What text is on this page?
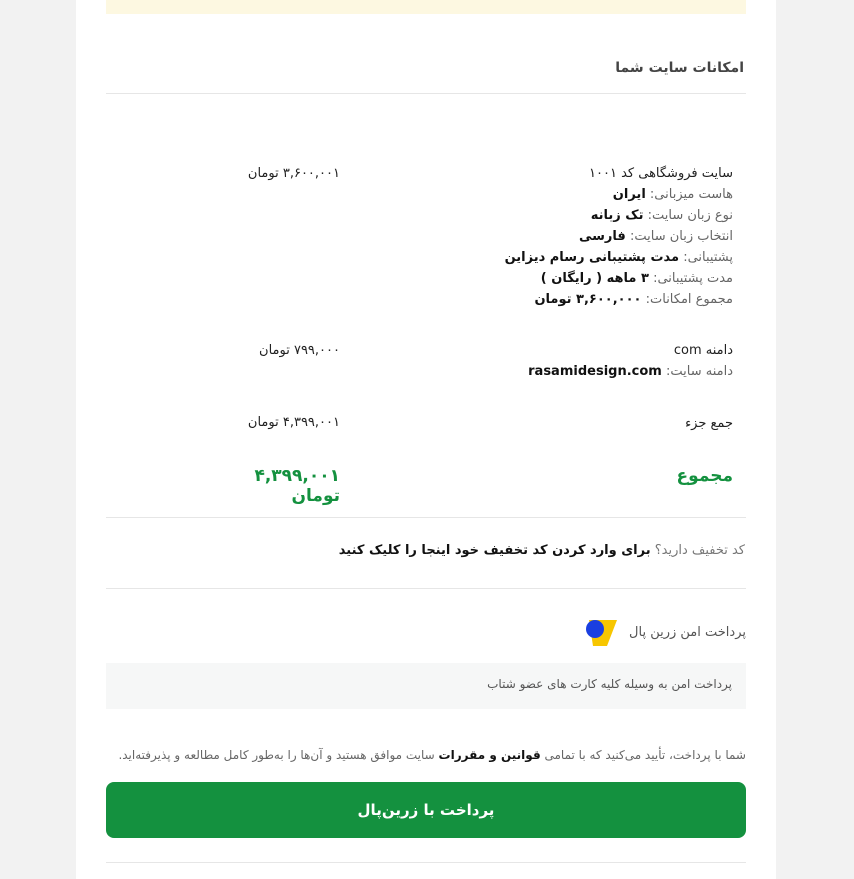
امکانات سایت شما
سایت فروشگاهی کد ۱۰۰۱
۳,۶۰۰,۰۰۱ تومان
هاست میزبانی: ایران
نوع زبان سایت: تک زبانه
انتخاب زبان سایت: فارسی
پشتیبانی: مدت پشتیبانی رسام دیزاین
مدت پشتیبانی: ۳ ماهه ( رایگان )
مجموع امکانات: ۳,۶۰۰,۰۰۰ تومان
دامنه com
۷۹۹,۰۰۰ تومان
دامنه سایت: rasamidesign.com
جمع جزء
۴,۳۹۹,۰۰۱ تومان
مجموع
۴,۳۹۹,۰۰۱ تومان
کد تخفیف دارید؟ برای وارد کردن کد تخفیف خود اینجا را کلیک کنید
پرداخت امن زرین پال
پرداخت امن به وسیله کلیه کارت های عضو شتاب
شما با پرداخت، تأیید می‌کنید که با تمامی قوانین و مقررات سایت موافق هستید و آن‌ها را به‌طور کامل مطالعه و پذیرفته‌اید.
پرداخت با زرین‌پال
